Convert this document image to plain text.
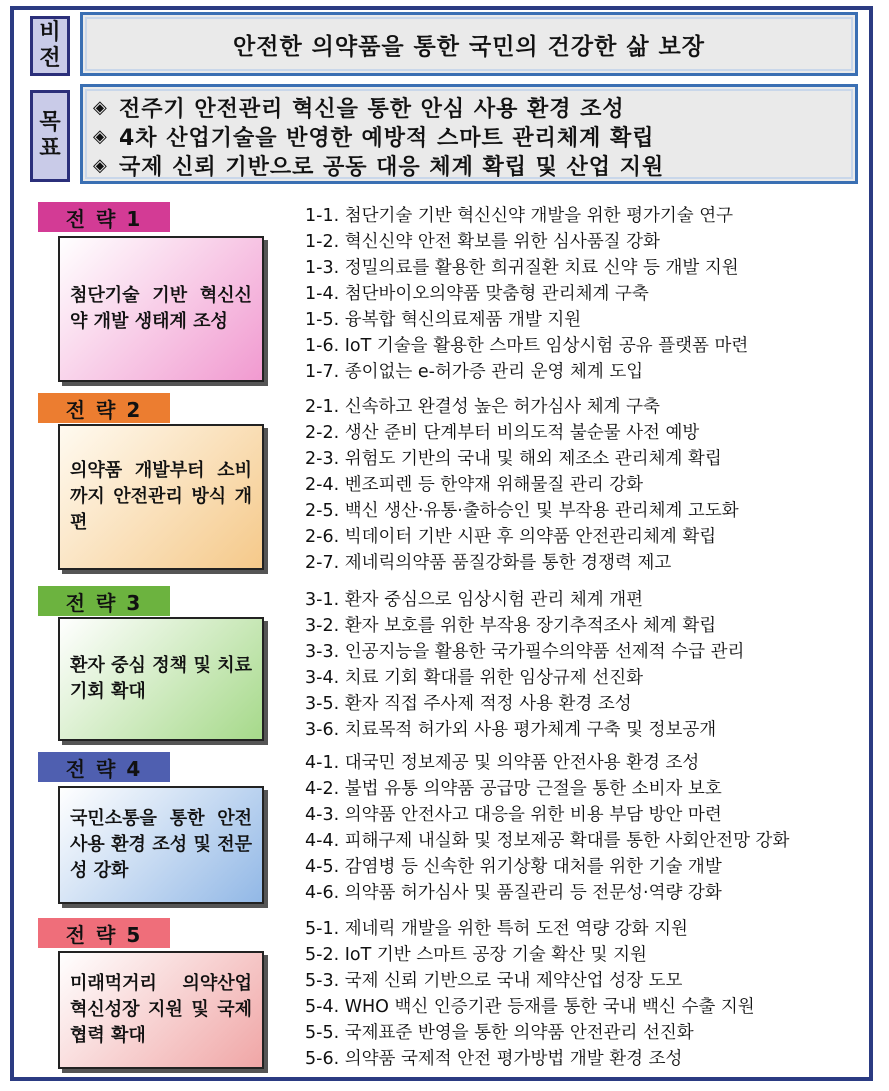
비
전	안전한 의약품을 통한 국민의 건강한 삶 보장
목
표
◈ 전주기 안전관리 혁신을 통한 안심 사용 환경 조성
◈ 4차 산업기술을 반영한 예방적 스마트 관리체계 확립
◈ 국제 신뢰 기반으로 공동 대응 체계 확립 및 산업 지원
전 략 1
첨단기술 기반 혁신신약 개발 생태계 조성
1-1. 첨단기술 기반 혁신신약 개발을 위한 평가기술 연구
1-2. 혁신신약 안전 확보를 위한 심사품질 강화
1-3. 정밀의료를 활용한 희귀질환 치료 신약 등 개발 지원
1-4. 첨단바이오의약품 맞춤형 관리체계 구축
1-5. 융복합 혁신의료제품 개발 지원
1-6. IoT 기술을 활용한 스마트 임상시험 공유 플랫폼 마련
1-7. 종이없는 e-허가증 관리 운영 체계 도입
전 략 2
의약품 개발부터 소비까지 안전관리 방식 개편
2-1. 신속하고 완결성 높은 허가심사 체계 구축
2-2. 생산 준비 단계부터 비의도적 불순물 사전 예방
2-3. 위험도 기반의 국내 및 해외 제조소 관리체계 확립
2-4. 벤조피렌 등 한약재 위해물질 관리 강화
2-5. 백신 생산·유통·출하승인 및 부작용 관리체계 고도화
2-6. 빅데이터 기반 시판 후 의약품 안전관리체계 확립
2-7. 제네릭의약품 품질강화를 통한 경쟁력 제고
전 략 3
환자 중심 정책 및 치료기회 확대
3-1. 환자 중심으로 임상시험 관리 체계 개편
3-2. 환자 보호를 위한 부작용 장기추적조사 체계 확립
3-3. 인공지능을 활용한 국가필수의약품 선제적 수급 관리
3-4. 치료 기회 확대를 위한 임상규제 선진화
3-5. 환자 직접 주사제 적정 사용 환경 조성
3-6. 치료목적 허가외 사용 평가체계 구축 및 정보공개
전 략 4
국민소통을 통한 안전사용 환경 조성 및 전문성 강화
4-1. 대국민 정보제공 및 의약품 안전사용 환경 조성
4-2. 불법 유통 의약품 공급망 근절을 통한 소비자 보호
4-3. 의약품 안전사고 대응을 위한 비용 부담 방안 마련
4-4. 피해구제 내실화 및 정보제공 확대를 통한 사회안전망 강화
4-5. 감염병 등 신속한 위기상황 대처를 위한 기술 개발
4-6. 의약품 허가심사 및 품질관리 등 전문성·역량 강화
전 략 5
미래먹거리 의약산업 혁신성장 지원 및 국제협력 확대
5-1. 제네릭 개발을 위한 특허 도전 역량 강화 지원
5-2. IoT 기반 스마트 공장 기술 확산 및 지원
5-3. 국제 신뢰 기반으로 국내 제약산업 성장 도모
5-4. WHO 백신 인증기관 등재를 통한 국내 백신 수출 지원
5-5. 국제표준 반영을 통한 의약품 안전관리 선진화
5-6. 의약품 국제적 안전 평가방법 개발 환경 조성
